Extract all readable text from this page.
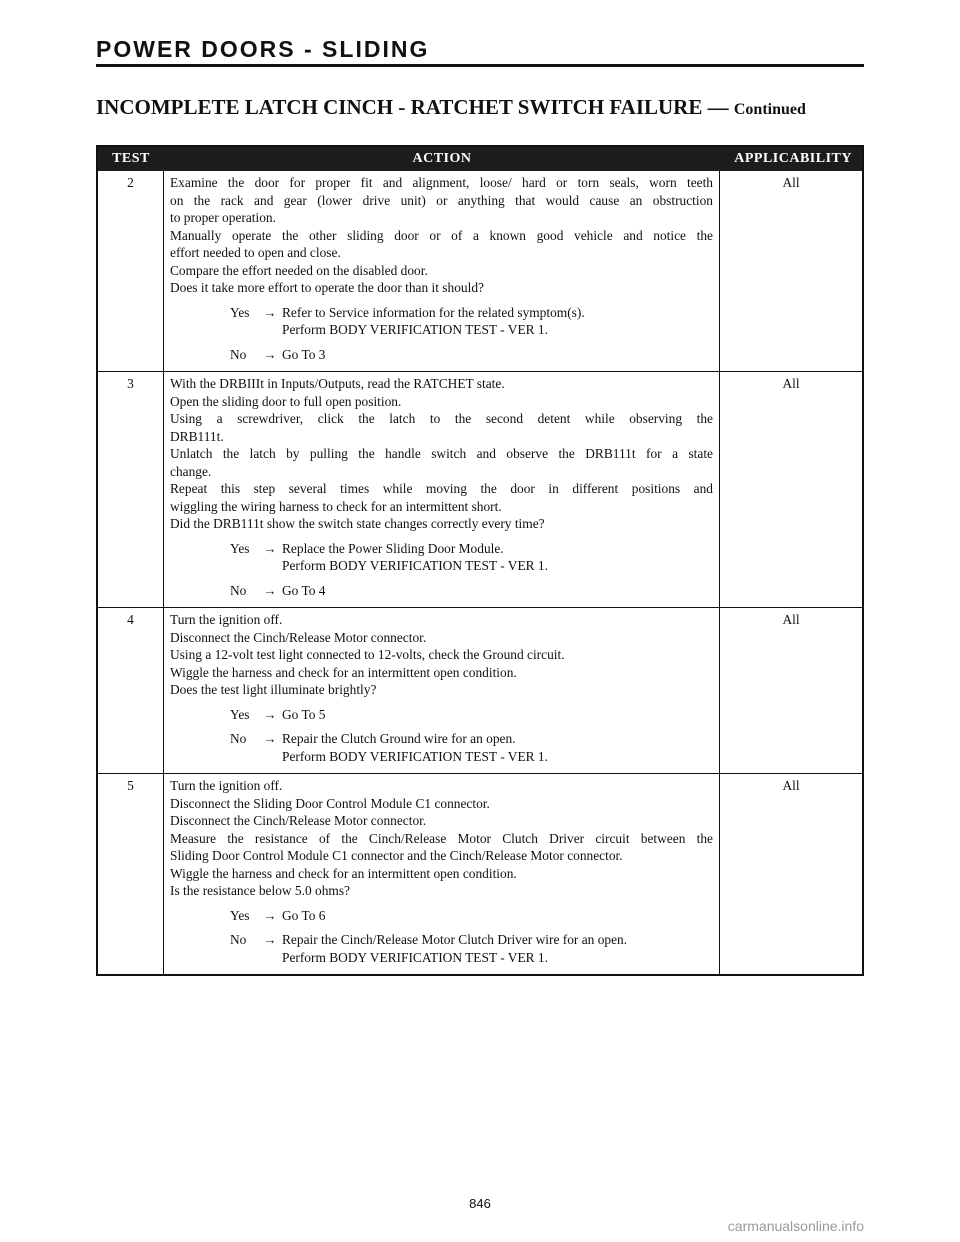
POWER DOORS - SLIDING
INCOMPLETE LATCH CINCH - RATCHET SWITCH FAILURE — Continued
TEST	ACTION	APPLICABILITY
2	Examine the door for proper fit and alignment, loose/ hard or torn seals, worn teeth
on the rack and gear (lower drive unit) or anything that would cause an obstruction
to proper operation.
Manually operate the other sliding door or of a known good vehicle and notice the
effort needed to open and close.
Compare the effort needed on the disabled door.
Does it take more effort to operate the door than it should?
Yes	→ Refer to Service information for the related symptom(s).
Perform BODY VERIFICATION TEST - VER 1.
No	→ Go To 3
All
3	With the DRBIIIt in Inputs/Outputs, read the RATCHET state.
Open the sliding door to full open position.
Using a screwdriver, click the latch to the second detent while observing the
DRB111t.
Unlatch the latch by pulling the handle switch and observe the DRB111t for a state
change.
Repeat this step several times while moving the door in different positions and
wiggling the wiring harness to check for an intermittent short.
Did the DRB111t show the switch state changes correctly every time?
Yes	→ Replace the Power Sliding Door Module.
Perform BODY VERIFICATION TEST - VER 1.
No	→ Go To 4
All
4	Turn the ignition off.
Disconnect the Cinch/Release Motor connector.
Using a 12-volt test light connected to 12-volts, check the Ground circuit.
Wiggle the harness and check for an intermittent open condition.
Does the test light illuminate brightly?
Yes	→ Go To 5
No	→ Repair the Clutch Ground wire for an open.
Perform BODY VERIFICATION TEST - VER 1.
All
5	Turn the ignition off.
Disconnect the Sliding Door Control Module C1 connector.
Disconnect the Cinch/Release Motor connector.
Measure the resistance of the Cinch/Release Motor Clutch Driver circuit between the
Sliding Door Control Module C1 connector and the Cinch/Release Motor connector.
Wiggle the harness and check for an intermittent open condition.
Is the resistance below 5.0 ohms?
Yes	→ Go To 6
No	→ Repair the Cinch/Release Motor Clutch Driver wire for an open.
Perform BODY VERIFICATION TEST - VER 1.
All
846
carmanualsonline.info
